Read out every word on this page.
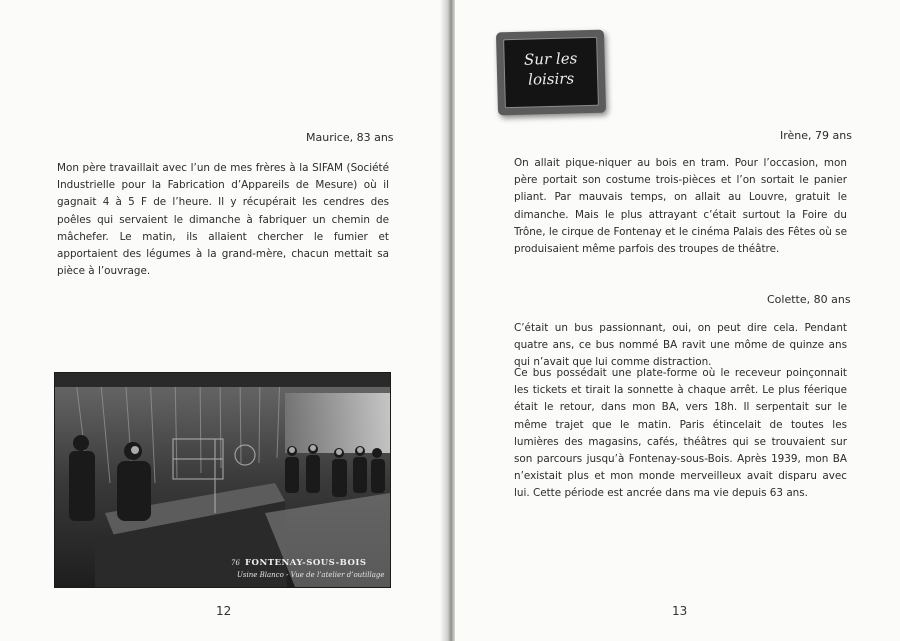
Maurice, 83 ans

Mon père travaillait avec l’un de mes frères à la SIFAM (Société Industrielle pour la Fabrication d’Appareils de Mesure) où il gagnait 4 à 5 F de l’heure. Il y récupérait les cendres des poêles qui servaient le dimanche à fabriquer un chemin de mâchefer. Le matin, ils allaient chercher le fumier et apportaient des légumes à la grand-mère, chacun mettait sa pièce à l’ouvrage.

76 FONTENAY-SOUS-BOIS
Usine Blanco - Vue de l’atelier d’outillage
12
Sur les
loisirs
Irène, 79 ans

On allait pique-niquer au bois en tram. Pour l’occasion, mon père portait son costume trois-pièces et l’on sortait le panier pliant. Par mauvais temps, on allait au Louvre, gratuit le dimanche. Mais le plus attrayant c’était surtout la Foire du Trône, le cirque de Fontenay et le cinéma Palais des Fêtes où se produisaient même parfois des troupes de théâtre.

Colette, 80 ans

C’était un bus passionnant, oui, on peut dire cela. Pendant quatre ans, ce bus nommé BA ravit une môme de quinze ans qui n’avait que lui comme distraction.

Ce bus possédait une plate-forme où le receveur poinçonnait les tickets et tirait la sonnette à chaque arrêt. Le plus féerique était le retour, dans mon BA, vers 18h. Il serpentait sur le même trajet que le matin. Paris étincelait de toutes les lumières des magasins, cafés, théâtres qui se trouvaient sur son parcours jusqu’à Fontenay-sous-Bois. Après 1939, mon BA n’existait plus et mon monde merveilleux avait disparu avec lui. Cette période est ancrée dans ma vie depuis 63 ans.

13
